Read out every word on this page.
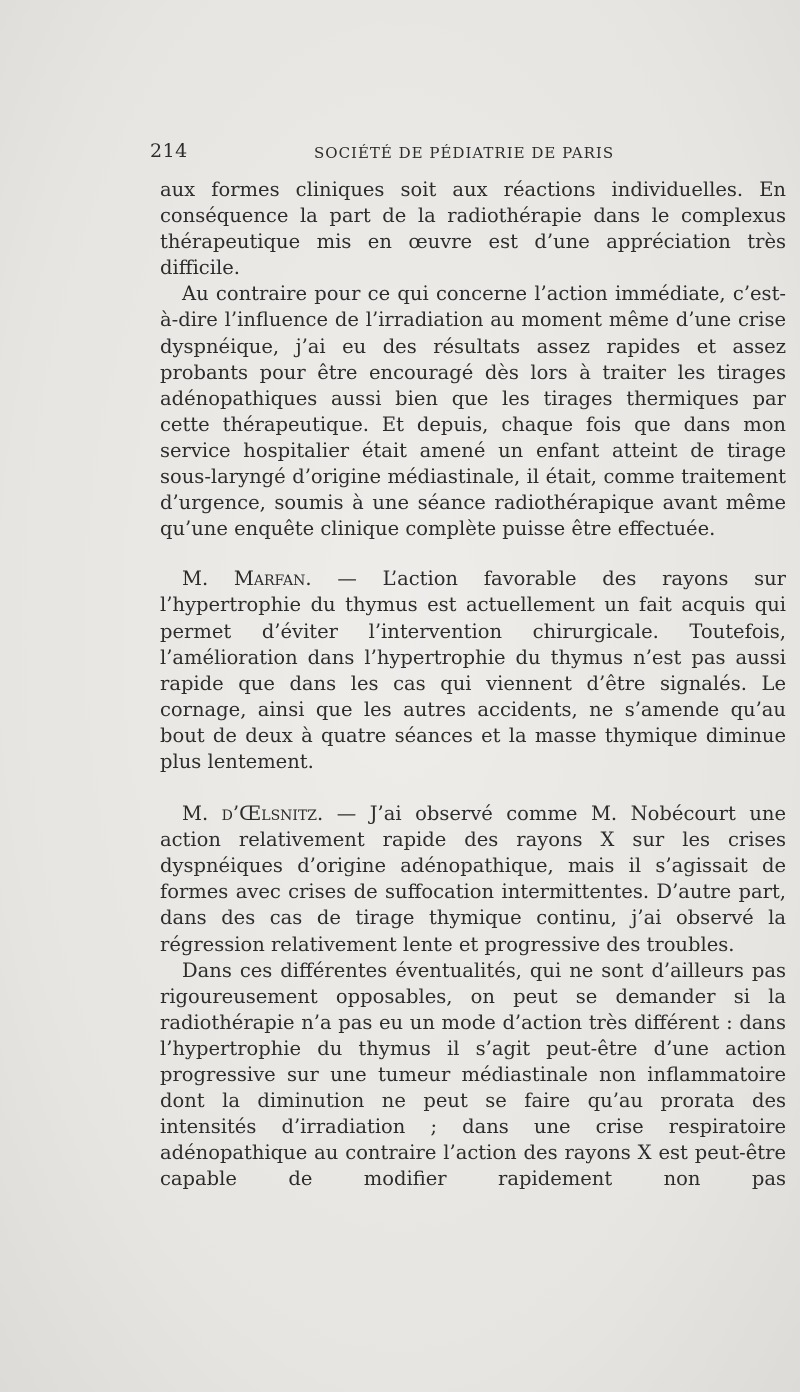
214	SOCIÉTÉ DE PÉDIATRIE DE PARIS

aux formes cliniques soit aux réactions individuelles. En conséquence la part de la radiothérapie dans le complexus thérapeutique mis en œuvre est d’une appréciation très difficile.

Au contraire pour ce qui concerne l’action immédiate, c’est-à-dire l’influence de l’irradiation au moment même d’une crise dyspnéique, j’ai eu des résultats assez rapides et assez probants pour être encouragé dès lors à traiter les tirages adénopathiques aussi bien que les tirages thermiques par cette thérapeutique. Et depuis, chaque fois que dans mon service hospitalier était amené un enfant atteint de tirage sous-laryngé d’origine médiastinale, il était, comme traitement d’urgence, soumis à une séance radiothérapique avant même qu’une enquête clinique complète puisse être effectuée.

M. Marfan. — L’action favorable des rayons sur l’hypertrophie du thymus est actuellement un fait acquis qui permet d’éviter l’intervention chirurgicale. Toutefois, l’amélioration dans l’hypertrophie du thymus n’est pas aussi rapide que dans les cas qui viennent d’être signalés. Le cornage, ainsi que les autres accidents, ne s’amende qu’au bout de deux à quatre séances et la masse thymique diminue plus lentement.

M. d’Œlsnitz. — J’ai observé comme M. Nobécourt une action relativement rapide des rayons X sur les crises dyspnéiques d’origine adénopathique, mais il s’agissait de formes avec crises de suffocation intermittentes. D’autre part, dans des cas de tirage thymique continu, j’ai observé la régression relativement lente et progressive des troubles.

Dans ces différentes éventualités, qui ne sont d’ailleurs pas rigoureusement opposables, on peut se demander si la radiothérapie n’a pas eu un mode d’action très différent : dans l’hypertrophie du thymus il s’agit peut-être d’une action progressive sur une tumeur médiastinale non inflammatoire dont la diminution ne peut se faire qu’au prorata des intensités d’irradiation ; dans une crise respiratoire adénopathique au contraire l’action des rayons X est peut-être capable de modifier rapidement non pas
